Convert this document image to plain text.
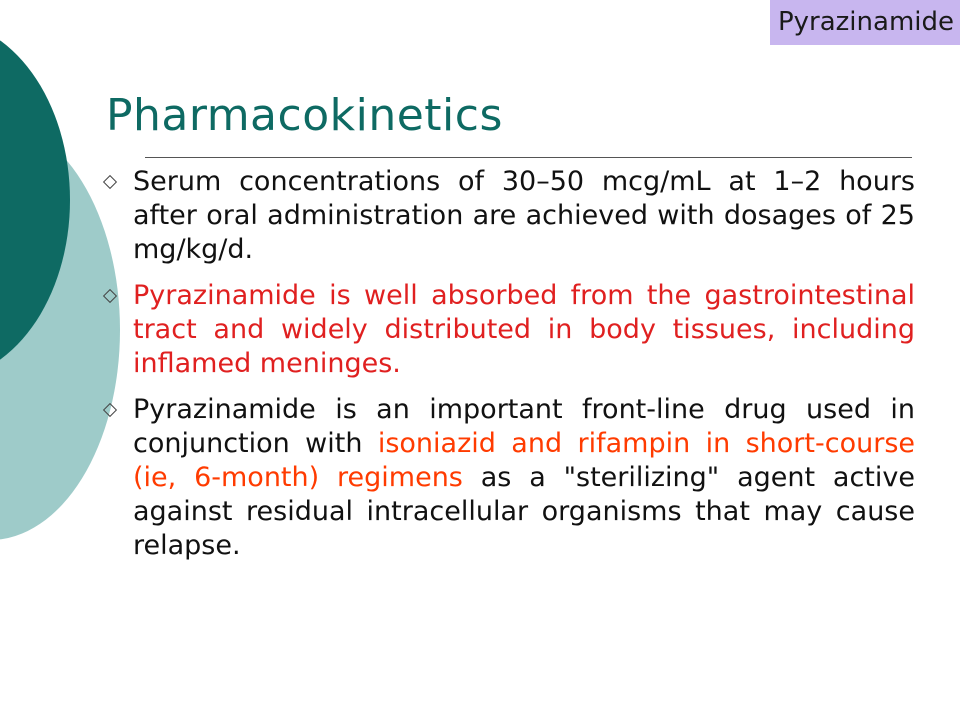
Pyrazinamide
Pharmacokinetics
Serum concentrations of 30–50 mcg/mL at 1–2 hours after oral administration are achieved with dosages of 25 mg/kg/d.
Pyrazinamide is well absorbed from the gastrointestinal tract and widely distributed in body tissues, including inflamed meninges.
Pyrazinamide is an important front-line drug used in conjunction with isoniazid and rifampin in short-course (ie, 6-month) regimens as a "sterilizing" agent active against residual intracellular organisms that may cause relapse.
